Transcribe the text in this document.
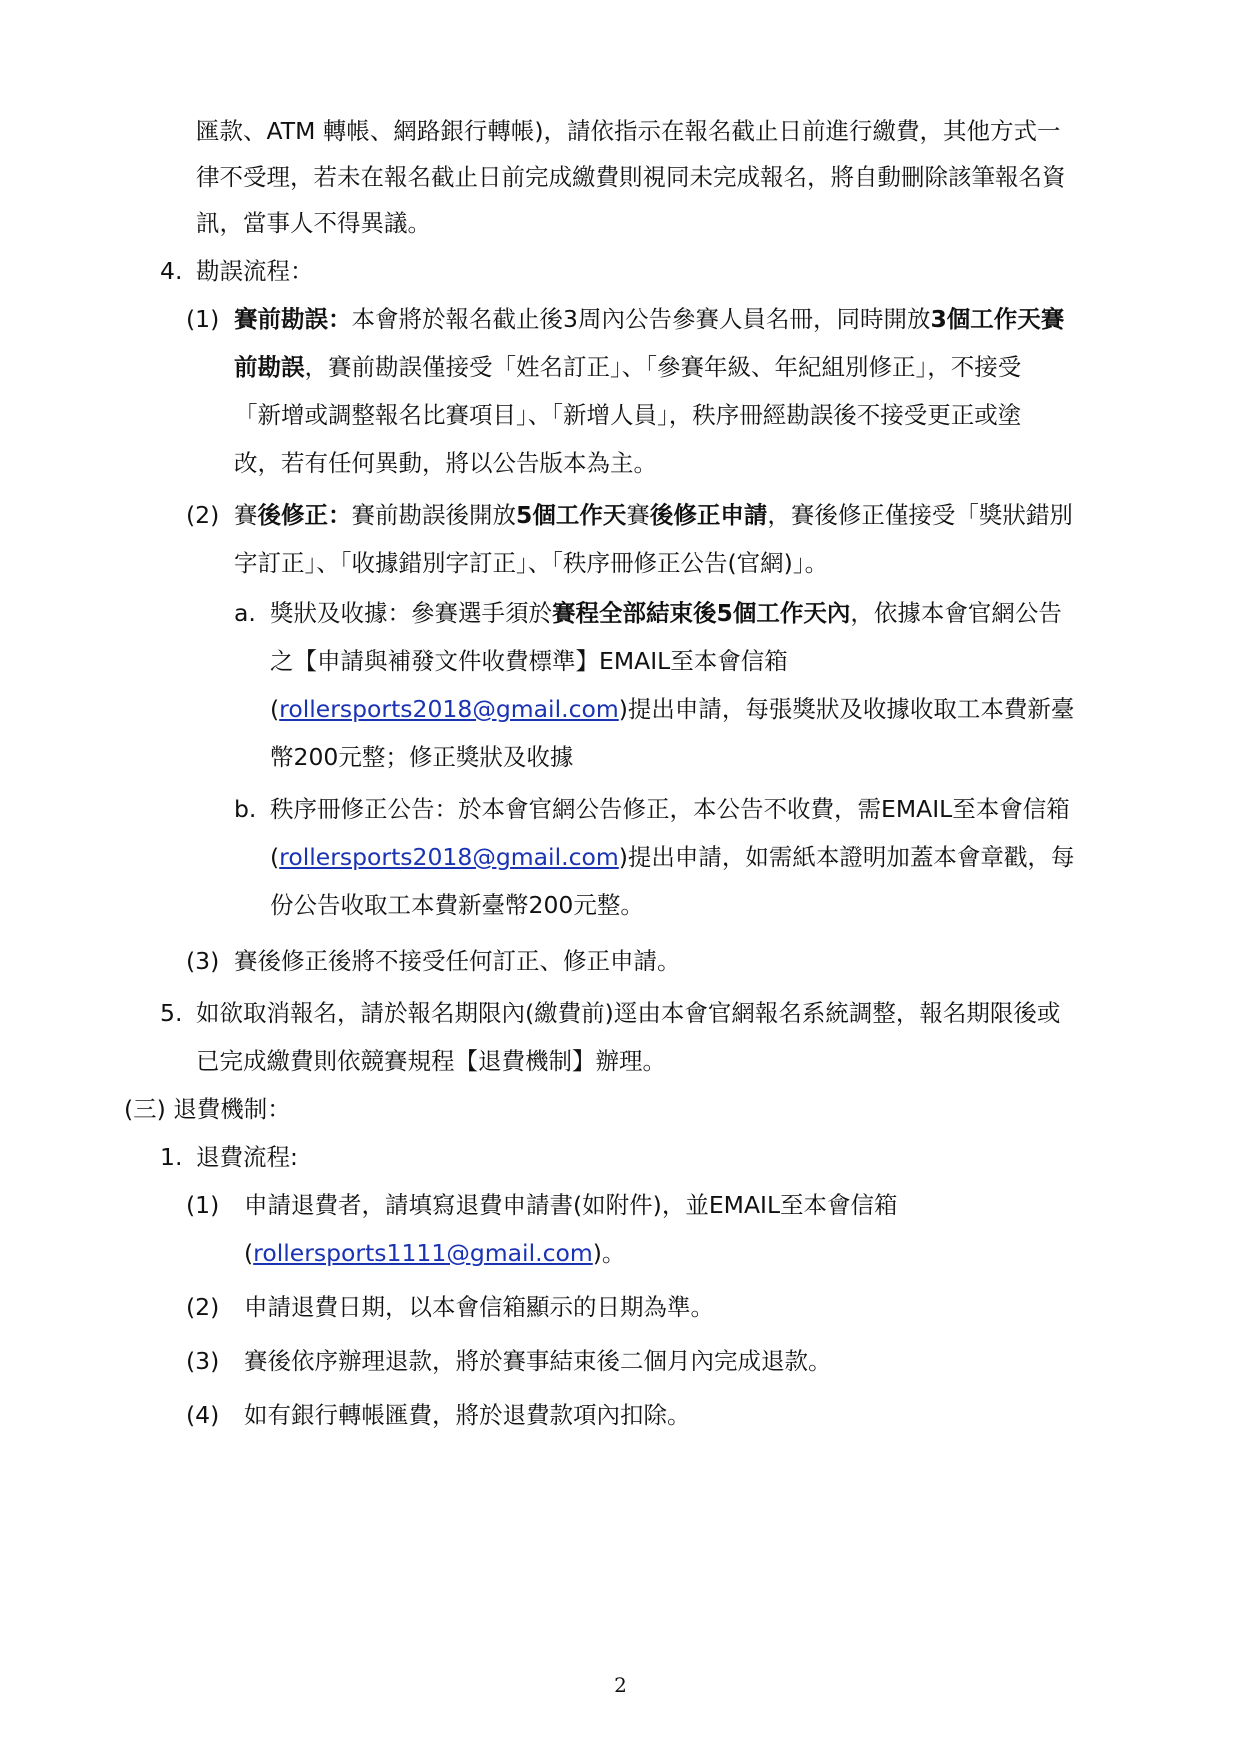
匯款、ATM 轉帳、網路銀行轉帳)，請依指示在報名截止日前進行繳費，其他方式一
律不受理，若未在報名截止日前完成繳費則視同未完成報名，將自動刪除該筆報名資
訊，當事人不得異議。
4. 勘誤流程：
(1) 賽前勘誤：本會將於報名截止後3周內公告參賽人員名冊，同時開放3個工作天賽
前勘誤，賽前勘誤僅接受「姓名訂正」、「參賽年級、年紀組別修正」，不接受
「新增或調整報名比賽項目」、「新增人員」，秩序冊經勘誤後不接受更正或塗
改，若有任何異動，將以公告版本為主。
(2) 賽後修正：賽前勘誤後開放5個工作天賽後修正申請，賽後修正僅接受「獎狀錯別
字訂正」、「收據錯別字訂正」、「秩序冊修正公告(官網)」。
a. 獎狀及收據：參賽選手須於賽程全部結束後5個工作天內，依據本會官網公告
之【申請與補發文件收費標準】EMAIL至本會信箱
(rollersports2018@gmail.com)提出申請，每張獎狀及收據收取工本費新臺
幣200元整；修正獎狀及收據
b. 秩序冊修正公告：於本會官網公告修正，本公告不收費，需EMAIL至本會信箱
(rollersports2018@gmail.com)提出申請，如需紙本證明加蓋本會章戳，每
份公告收取工本費新臺幣200元整。
(3) 賽後修正後將不接受任何訂正、修正申請。
5. 如欲取消報名，請於報名期限內(繳費前)逕由本會官網報名系統調整，報名期限後或
已完成繳費則依競賽規程【退費機制】辦理。
(三) 退費機制：
1. 退費流程:
(1) 申請退費者，請填寫退費申請書(如附件)，並EMAIL至本會信箱
(rollersports1111@gmail.com)。
(2) 申請退費日期，以本會信箱顯示的日期為準。
(3) 賽後依序辦理退款，將於賽事結束後二個月內完成退款。
(4) 如有銀行轉帳匯費，將於退費款項內扣除。
2
